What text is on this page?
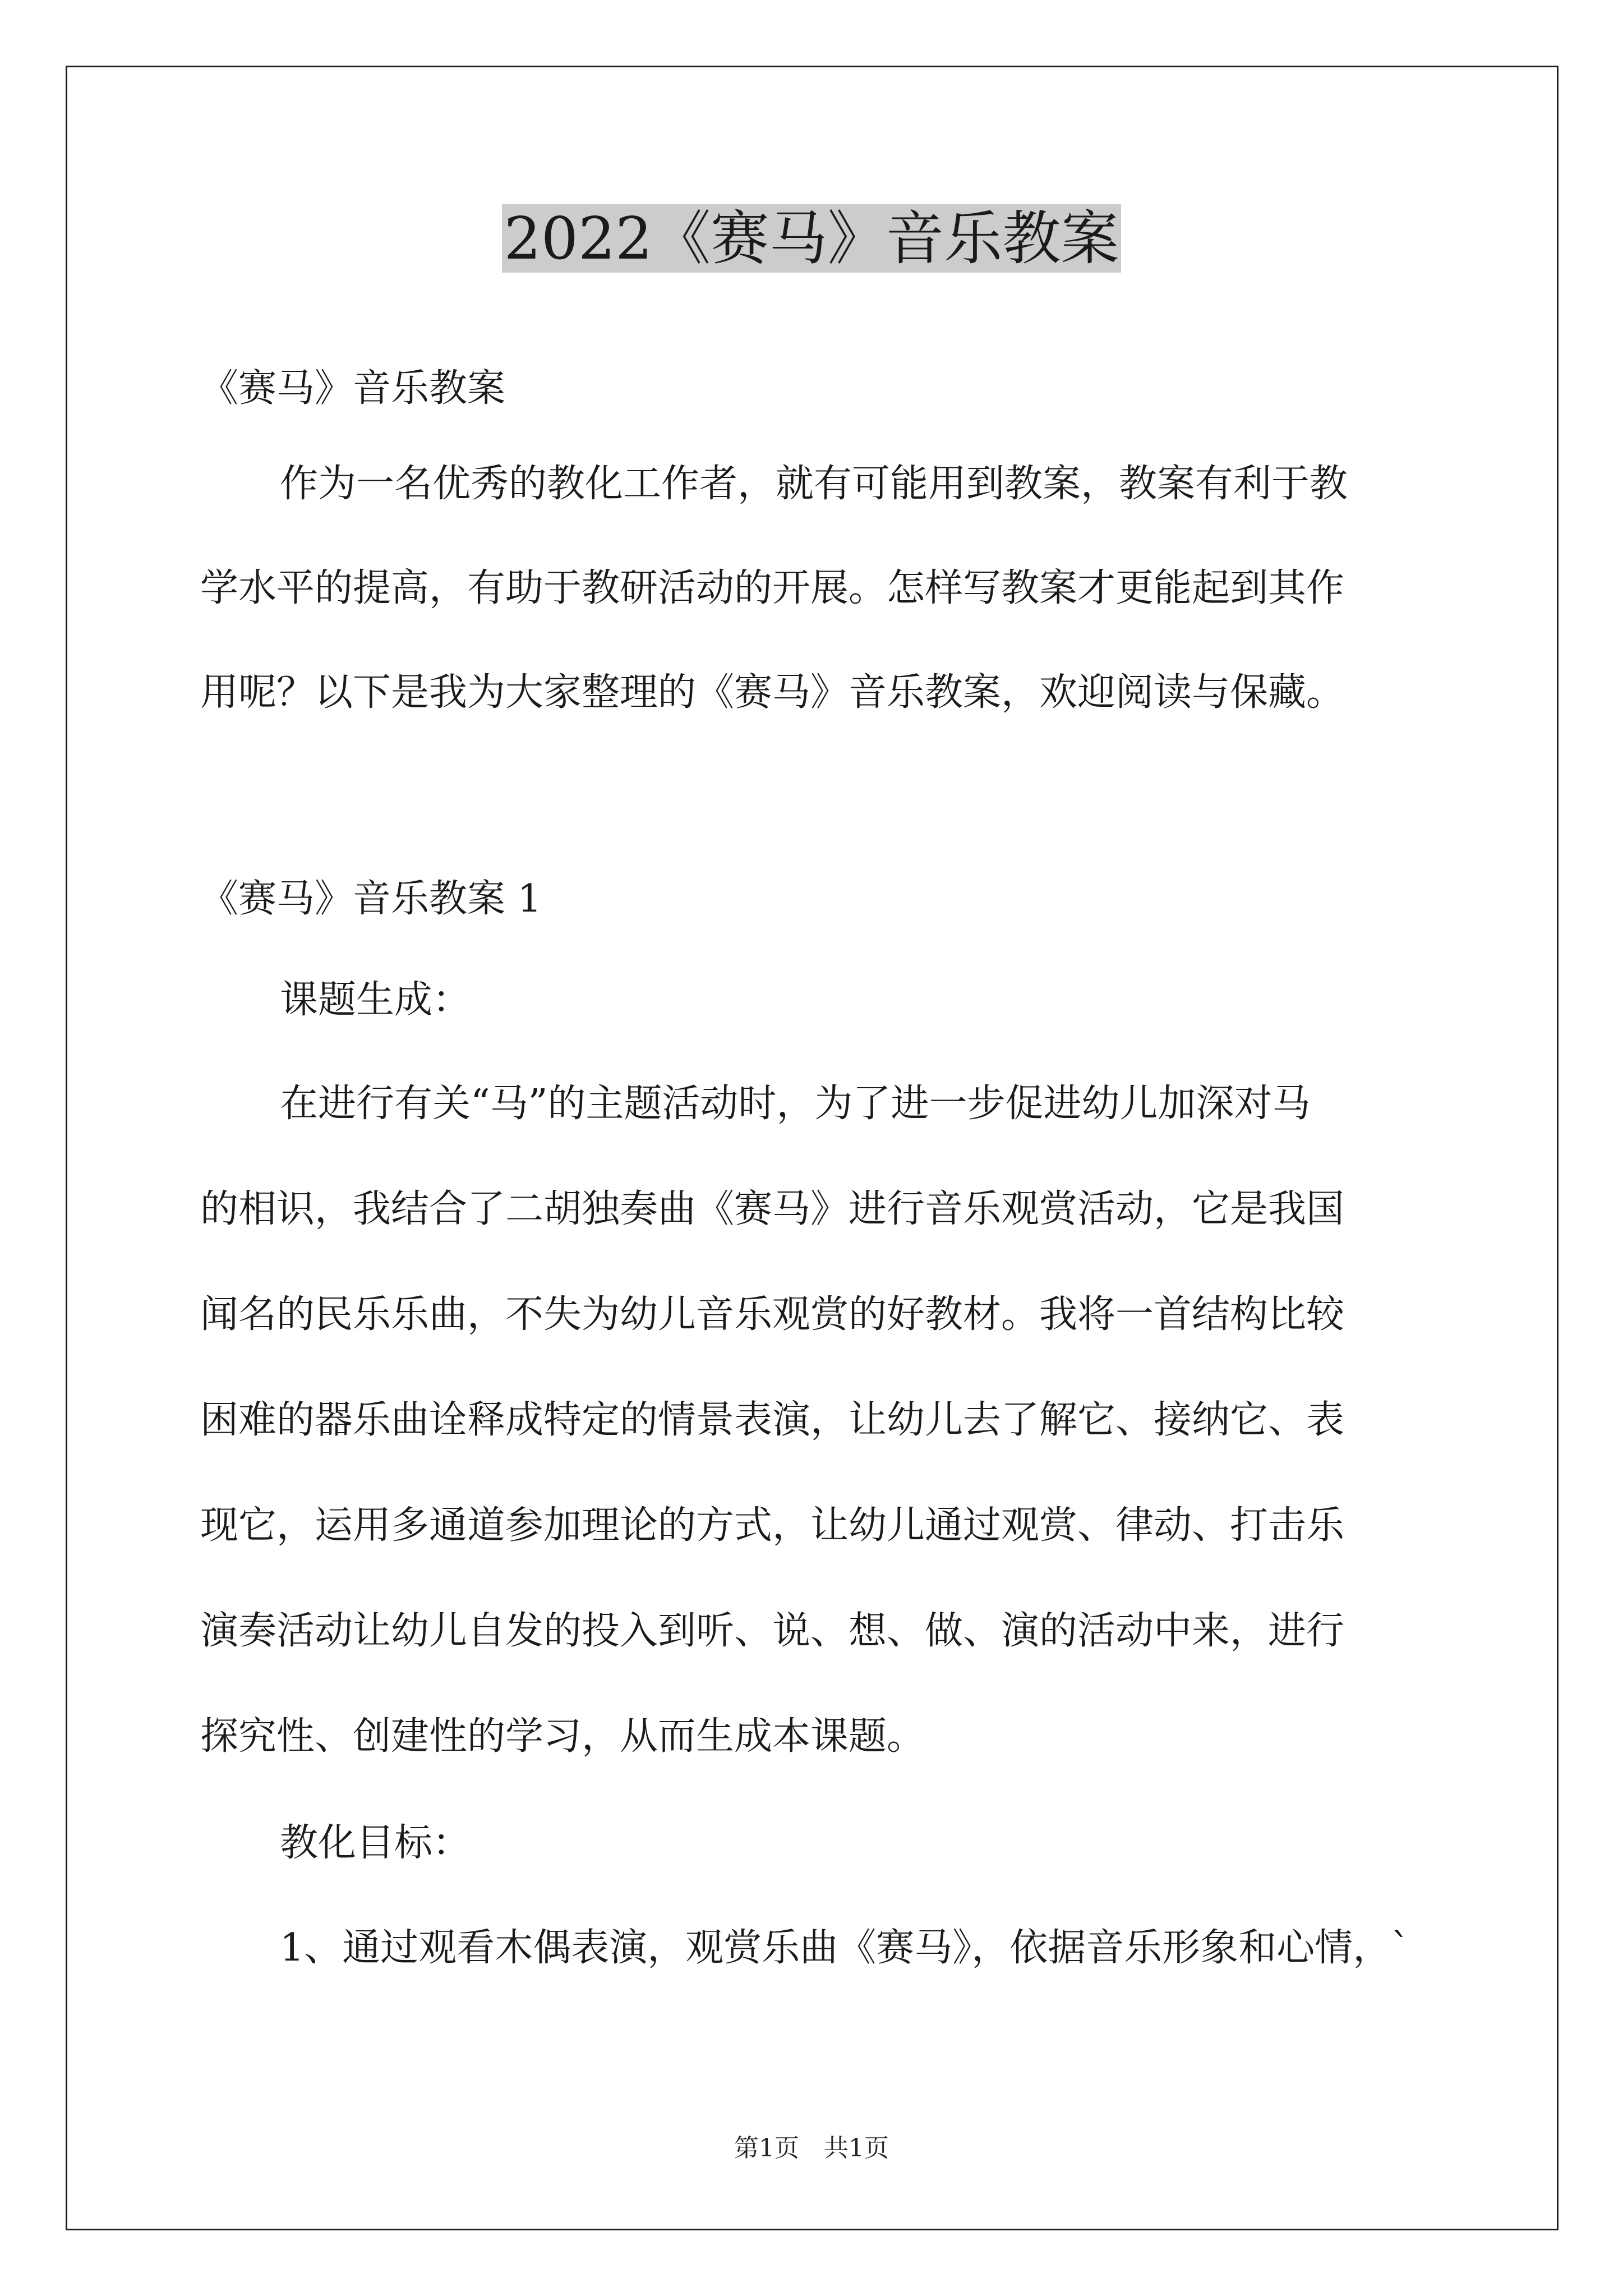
2022《赛马》音乐教案

《赛马》音乐教案

作为一名优秀的教化工作者，就有可能用到教案，教案有利于教

学水平的提高，有助于教研活动的开展。怎样写教案才更能起到其作

用呢？以下是我为大家整理的《赛马》音乐教案，欢迎阅读与保藏。

《赛马》音乐教案 1

课题生成：

在进行有关“马”的主题活动时，为了进一步促进幼儿加深对马

的相识，我结合了二胡独奏曲《赛马》进行音乐观赏活动，它是我国

闻名的民乐乐曲，不失为幼儿音乐观赏的好教材。我将一首结构比较

困难的器乐曲诠释成特定的情景表演，让幼儿去了解它、接纳它、表

现它，运用多通道参加理论的方式，让幼儿通过观赏、律动、打击乐

演奏活动让幼儿自发的投入到听、说、想、做、演的活动中来，进行

探究性、创建性的学习，从而生成本课题。

教化目标：

1、通过观看木偶表演，观赏乐曲《赛马》，依据音乐形象和心情，`

第1页　共1页
